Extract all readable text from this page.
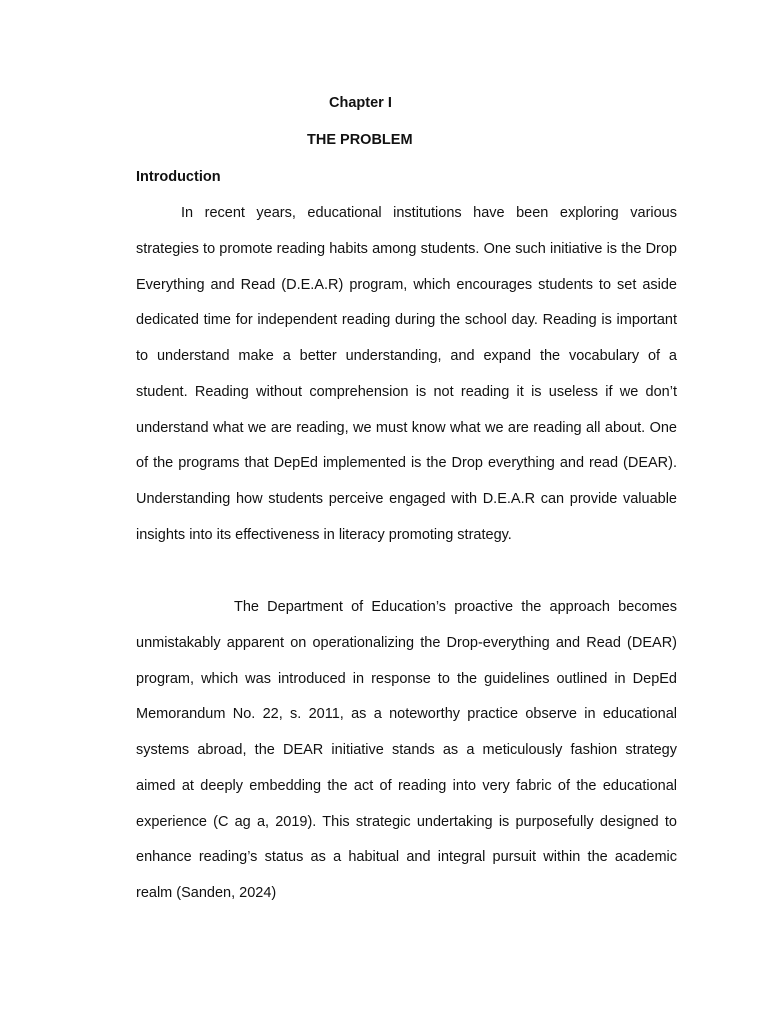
Chapter I
THE PROBLEM
Introduction

In recent years, educational institutions have been exploring various strategies to promote reading habits among students. One such initiative is the Drop Everything and Read (D.E.A.R) program, which encourages students to set aside dedicated time for independent reading during the school day. Reading is important to understand make a better understanding, and expand the vocabulary of a student. Reading without comprehension is not reading it is useless if we don’t understand what we are reading, we must know what we are reading all about. One of the programs that DepEd implemented is the Drop everything and read (DEAR). Understanding how students perceive engaged with D.E.A.R can provide valuable insights into its effectiveness in literacy promoting strategy.

The Department of Education’s proactive the approach becomes unmistakably apparent on operationalizing the Drop-everything and Read (DEAR) program, which was introduced in response to the guidelines outlined in DepEd Memorandum No. 22, s. 2011, as a noteworthy practice observe in educational systems abroad, the DEAR initiative stands as a meticulously fashion strategy aimed at deeply embedding the act of reading into very fabric of the educational experience (C ag a, 2019). This strategic undertaking is purposefully designed to enhance reading’s status as a habitual and integral pursuit within the academic realm (Sanden, 2024)
